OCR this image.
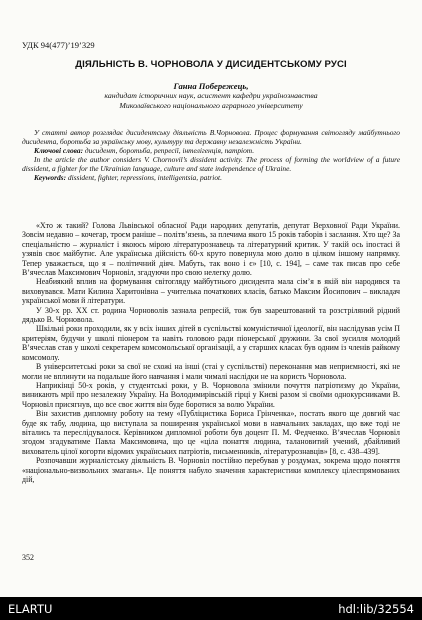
УДК 94(477)’19’329
ДІЯЛЬНІСТЬ В. ЧОРНОВОЛА У ДИСИДЕНТСЬКОМУ РУСІ
Ганна Побережець,
кандидат історичних наук, асистент кафедри українознавства
Миколаївського національного аграрного університету

У статті автор розглядає дисидентську діяльність В.Чорновола. Процес формування світогляду майбутнього дисидента, боротьба за українську мову, культуру та державну незалежність України.

Ключові слова: дисидент, боротьба, репресії, інтелігенція, патріот.

In the article the author considers V. Chornovil’s dissident activity. The process of forming the worldview of a future dissident, a fighter for the Ukrainian language, culture and state independence of Ukraine.

Keywords: dissident, fighter, repressions, intelligentsia, patriot.

«Хто ж такий? Голова Львівської обласної Ради народних депутатів, депутат Верховної Ради України. Зовсім недавно – кочегар, троєм раніше – політв’язень, за плечима якого 15 років таборів і заслання. Хто ще? За спеціальністю – журналіст і якоюсь мірою літературознавець та літературний критик. У такій ось іпостасі й узявів своє майбутнє. Але українська дійсність 60-х круто повернула мою долю в цілком іншому напрямку. Тепер уважається, що я – політичний діяч. Мабуть, так воно і є» [10, с. 194], – саме так писав про себе В’ячеслав Максимович Чорновіл, згадуючи про свою нелегку долю.

Неабиякий вплив на формування світогляду майбутнього дисидента мала сім’я в якій він народився та виховувався. Мати Килина Харитонівна – учителька початкових класів, батько Максим Йосипович – викладач української мови й літератури.

У 30-х рр. ХХ ст. родина Чорноволів зазнала репресій, тож був заарештований та розстріляний рідний дядько В. Чорновола.

Шкільні роки проходили, як у всіх інших дітей в суспільстві комуністичної ідеології, він наслідував усім П критеріям, будучи у школі піонером та навіть головою ради піонерської дружини. За свої зусилля молодий В’ячеслав став у школі секретарем комсомольської організації, а у старших класах був одним із членів райкому комсомолу.

В університетські роки за свої не схожі на інші (стаі у суспільстві) переконання мав неприємності, які не могли не вплинути на подальше його навчання і мали чималі наслідки не на користь Чорновола.

Наприкінці 50-х років, у студентські роки, у В. Чорновола змінили почуття патріотизму до України, виникають мрії про незалежну Україну. На Володимирівській гірці у Києві разом зі своїми однокурсниками В. Чорновіл присягнув, що все своє життя він буде боротися за волю України.

Він захистив дипломну роботу на тему «Публіцистика Бориса Грінченка», постать якого ще довгий час буде як табу, людина, що виступала за поширення української мови в навчальних закладах, що вже тоді не вітались та переслідувалося. Керівником дипломної роботи був доцент П. М. Федченко. В’ячеслав Чорновіл згодом згадуватиме Павла Максимовича, що це «ціла понаття людина, талановитий учений, дбайливий вихователь цілої когорти відомих українських патріотів, письменників, літературознавців» [8, с. 438–439].

Розпочавши журналістську діяльність В. Чорновіл постійно перебував у роздумах, зокрема щодо поняття «національно-визвольних змагань». Це поняття набуло значення характеристики комплексу цілеспрямованих дій,

352
ELARTU	hdl:lib/32554
